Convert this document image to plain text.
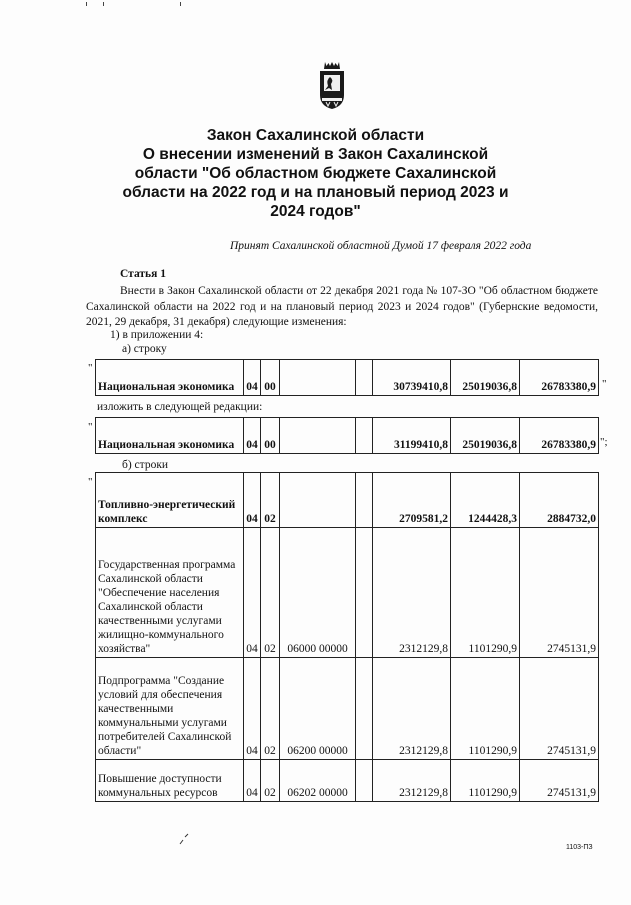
Закон Сахалинской области
О внесении изменений в Закон Сахалинской
области "Об областном бюджете Сахалинской
области на 2022 год и на плановый период 2023 и
2024 годов"
Принят Сахалинской областной Думой 17 февраля 2022 года
Статья 1
Внести в Закон Сахалинской области от 22 декабря 2021 года № 107-ЗО "Об областном бюджете Сахалинской области на 2022 год и на плановый период 2023 и 2024 годов" (Губернские ведомости, 2021, 29 декабря, 31 декабря) следующие изменения:
1) в приложении 4:
а) строку
"
Национальная экономика	04	00			30739410,8	25019036,8	26783380,9 "
изложить в следующей редакции:
"
Национальная экономика	04	00			31199410,8	25019036,8	26783380,9 ";
б) строки
"
Топливно-энергетический комплекс	04	02			2709581,2	1244428,3	2884732,0
Государственная программа Сахалинской области "Обеспечение населения Сахалинской области качественными услугами жилищно-коммунального хозяйства"	04	02	06000 00000		2312129,8	1101290,9	2745131,9
Подпрограмма "Создание условий для обеспечения качественными коммунальными услугами потребителей Сахалинской области"	04	02	06200 00000		2312129,8	1101290,9	2745131,9
Повышение доступности коммунальных ресурсов	04	02	06202 00000		2312129,8	1101290,9	2745131,9
1103-ПЗ
